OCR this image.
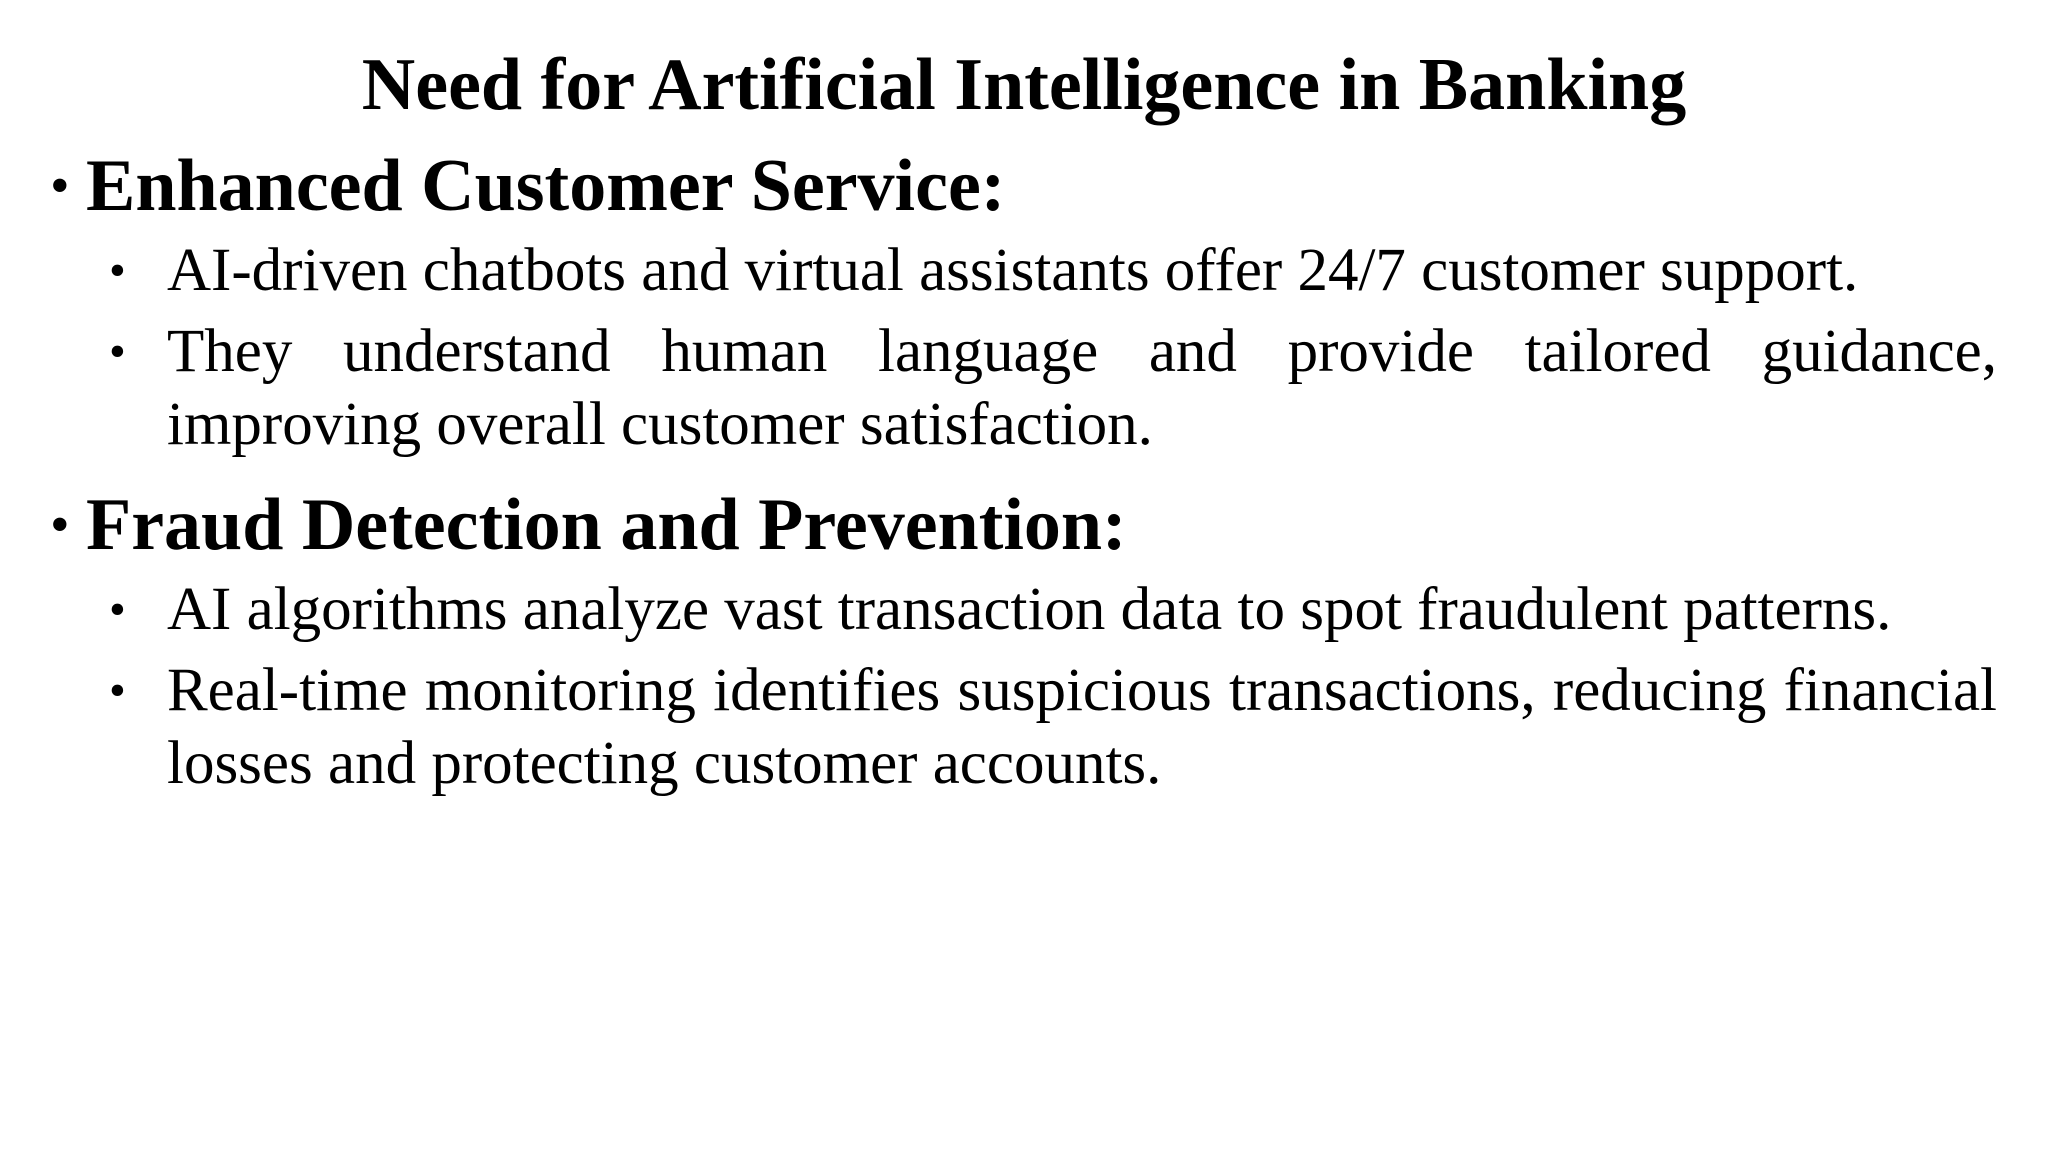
Need for Artificial Intelligence in Banking
• Enhanced Customer Service:
• AI-driven chatbots and virtual assistants offer 24/7 customer support.
• They understand human language and provide tailored guidance, improving overall customer satisfaction.
• Fraud Detection and Prevention:
• AI algorithms analyze vast transaction data to spot fraudulent patterns.
• Real-time monitoring identifies suspicious transactions, reducing financial losses and protecting customer accounts.
